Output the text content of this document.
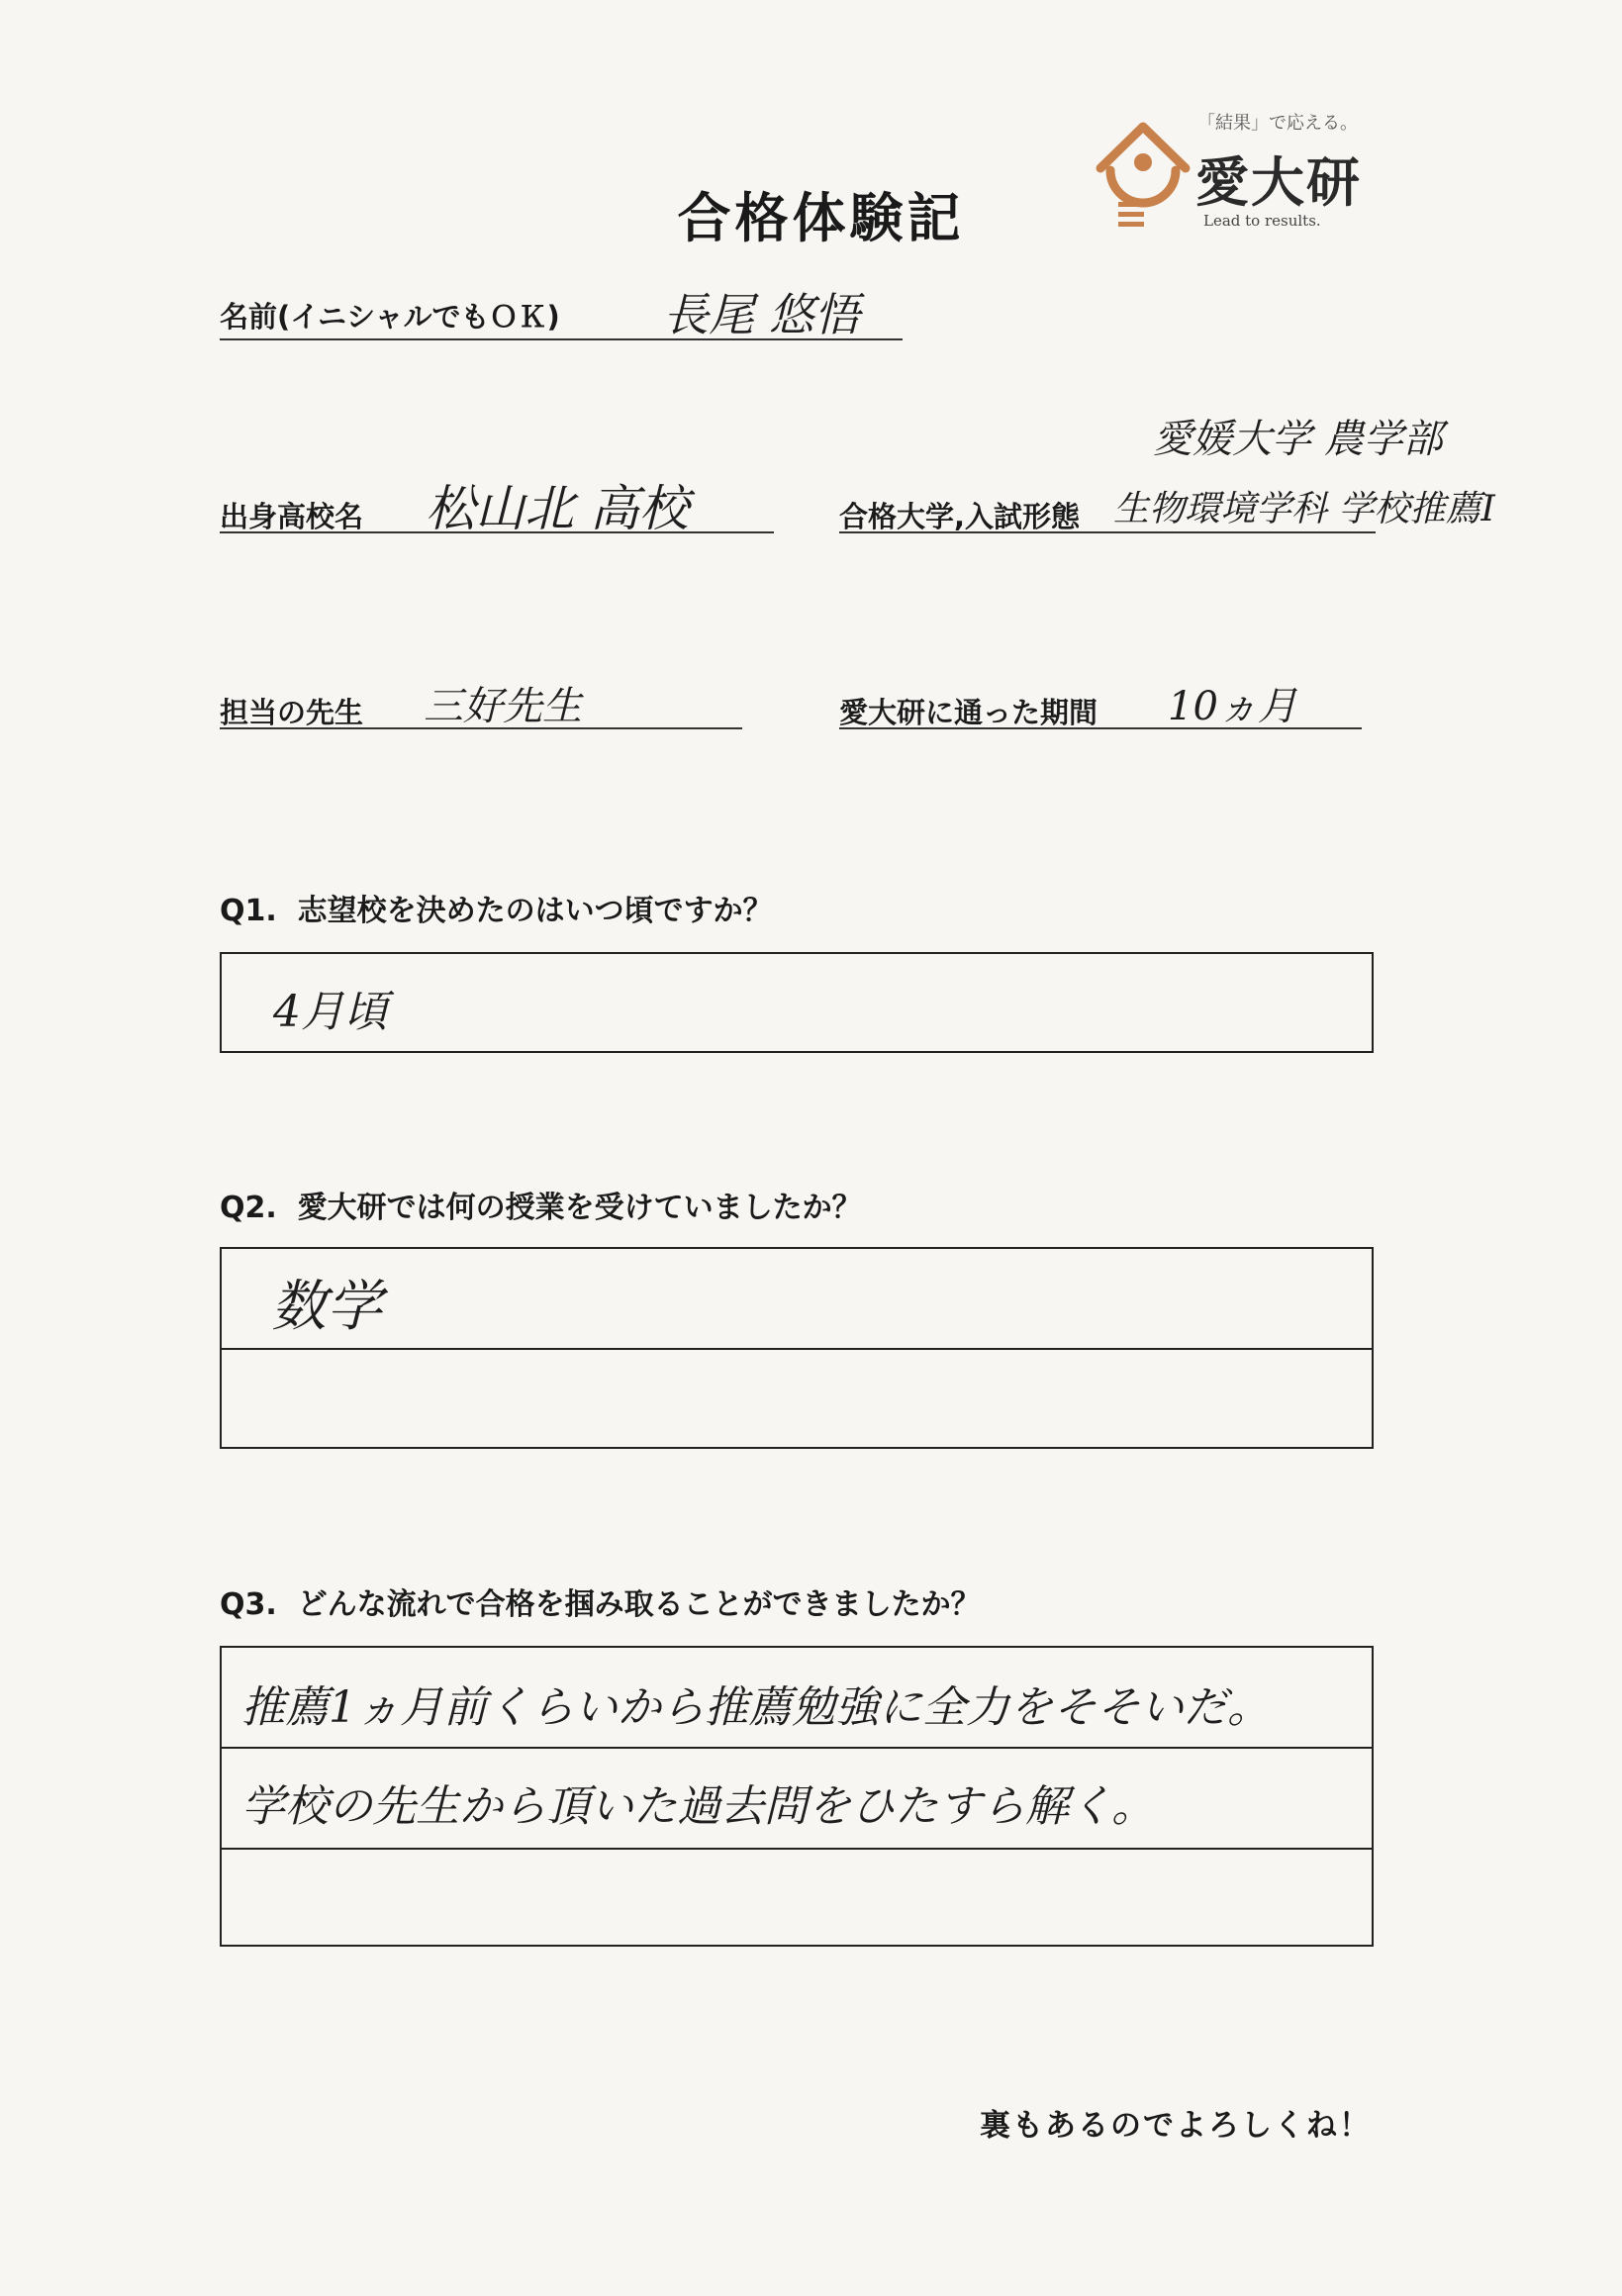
「結果」で応える。
愛大研
Lead to results.
合格体験記
名前(イニシャルでもＯＫ) 長尾 悠悟
愛媛大学 農学部
出身高校名 松山北 高校	合格大学,入試形態 生物環境学科 学校推薦Ⅰ
担当の先生 三好先生	愛大研に通った期間 10ヵ月
Q1. 志望校を決めたのはいつ頃ですか？
4月頃
Q2. 愛大研では何の授業を受けていましたか？
数学
Q3. どんな流れで合格を掴み取ることができましたか？
推薦1ヵ月前くらいから推薦勉強に全力をそそいだ。
学校の先生から頂いた過去問をひたすら解く。
裏もあるのでよろしくね！
